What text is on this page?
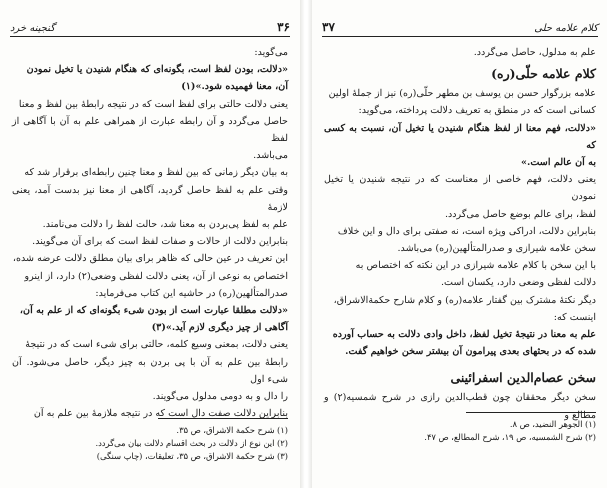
۳۶
گنجینه خرد

می‌گوید:

«دلالت، بودن لفظ است، بگونه‌ای که هنگام شنیدن یا تخیل نمودن

آن، معنا فهمیده شود.»(۱)

یعنی دلالت حالتی برای لفظ است که در نتیجه رابطهٔ بین لفظ و معنا

حاصل می‌گردد و آن رابطه عبارت از همراهی علم به آن با آگاهی از لفظ

می‌باشد.

به بیان دیگر زمانی که بین لفظ و معنا چنین رابطه‌ای برقرار شد که

وقتی علم به لفظ حاصل گردید، آگاهی از معنا نیز بدست آمد، یعنی لازمهٔ

علم به لفظ پی‌بردن به معنا شد، حالت لفظ را دلالت می‌نامند.

بنابراین دلالت از حالات و صفات لفظ است که برای آن می‌گویند.

این تعریف در عین حالی که ظاهر برای بیان مطلق دلالت عرضه شده،

اختصاص به نوعی از آن، یعنی دلالت لفظی وضعی(۲) دارد، از اینرو

صدرالمتألهین(ره) در حاشیه این کتاب می‌فرماید:

«دلالت مطلقا عبارت است از بودن شیء بگونه‌ای که از علم به آن،

آگاهی از چیز دیگری لازم آید.»(۳)

یعنی دلالت، بمعنی وسیع کلمه، حالتی برای شیء است که در نتیجهٔ

رابطهٔ بین علم به آن با پی بردن به چیز دیگر، حاصل می‌شود. آن شیء اول

را دال و به دومی مدلول می‌گویند.

بنابراین دلالت صفت دال است که در نتیجه ملازمهٔ بین علم به آن

(۱) شرح حکمة الاشراق، ص ۳۵.
(۲) این نوع از دلالت در بحث اقسام دلالت بیان می‌گردد.
(۳) شرح حکمة الاشراق، ص ۳۵، تعلیقات، (چاپ سنگی)
کلام علامه حلی
۳۷

علم به مدلول، حاصل می‌گردد.

کلام علامه حلّی(ره)

علامه بزرگوار حسن بن یوسف بن مطهر حلّی(ره) نیز از جملهٔ اولین

کسانی است که در منطق به تعریف دلالت پرداخته، می‌گوید:

«دلالت، فهم معنا از لفظ هنگام شنیدن یا تخیل آن، نسبت به کسی که

به آن عالم است.»

یعنی دلالت، فهم خاصی از معناست که در نتیجه شنیدن یا تخیل نمودن

لفظ، برای عالم بوضع حاصل می‌گردد.

بنابراین دلالت، ادراکی ویژه است، نه صفتی برای دال و این خلاف

سخن علامه شیرازی و صدرالمتألهین(ره) می‌باشد.

با این سخن با کلام علامه شیرازی در این نکته که اختصاص به

دلالت لفظی وضعی دارد، یکسان است.

دیگر نکتهٔ مشترک بین گفتار علامه(ره) و کلام شارح حکمةالاشراق،

اینست که:

علم به معنا در نتیجهٔ تخیل لفظ، داخل وادی دلالت به حساب آورده

شده که در بحثهای بعدی پیرامون آن بیشتر سخن خواهیم گفت.

سخن عصام‌الدین اسفرائینی

سخن دیگر محققان چون قطب‌الدین رازی در شرح شمسیه(۲) و مطالع و

(۱) الجوهر النضید، ص ۸.
(۲) شرح الشمسیه، ص ۱۹، شرح المطالع، ص ۴۷.
